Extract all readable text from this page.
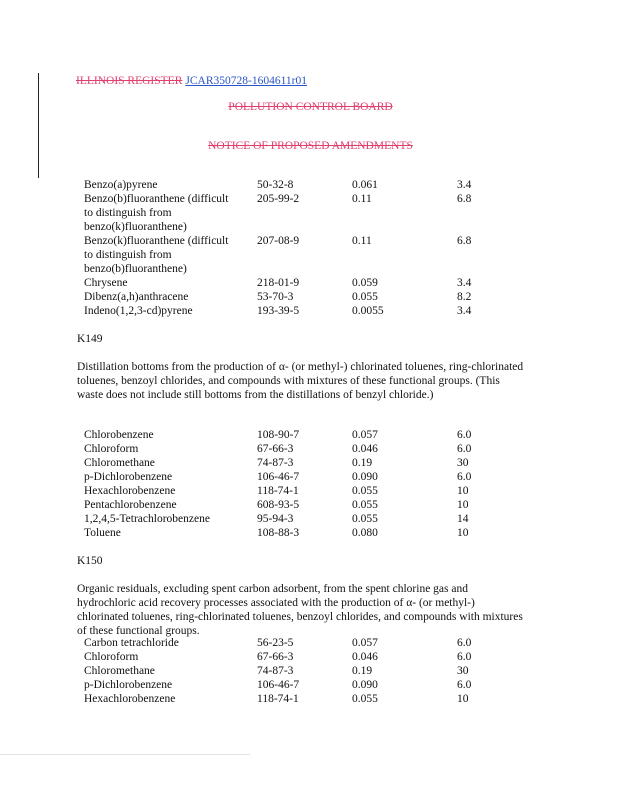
ILLINOIS REGISTER JCAR350728-1604611r01
POLLUTION CONTROL BOARD
NOTICE OF PROPOSED AMENDMENTS
Benzo(a)pyrene	50-32-8	0.061	3.4
Benzo(b)fluoranthene (difficult	205-99-2	0.11	6.8
to distinguish from
benzo(k)fluoranthene)
Benzo(k)fluoranthene (difficult	207-08-9	0.11	6.8
to distinguish from
benzo(b)fluoranthene)
Chrysene	218-01-9	0.059	3.4
Dibenz(a,h)anthracene	53-70-3	0.055	8.2
Indeno(1,2,3-cd)pyrene	193-39-5	0.0055	3.4
K149
Distillation bottoms from the production of α- (or methyl-) chlorinated toluenes, ring-chlorinated
toluenes, benzoyl chlorides, and compounds with mixtures of these functional groups. (This
waste does not include still bottoms from the distillations of benzyl chloride.)
Chlorobenzene	108-90-7	0.057	6.0
Chloroform	67-66-3	0.046	6.0
Chloromethane	74-87-3	0.19	30
p-Dichlorobenzene	106-46-7	0.090	6.0
Hexachlorobenzene	118-74-1	0.055	10
Pentachlorobenzene	608-93-5	0.055	10
1,2,4,5-Tetrachlorobenzene	95-94-3	0.055	14
Toluene	108-88-3	0.080	10
K150
Organic residuals, excluding spent carbon adsorbent, from the spent chlorine gas and
hydrochloric acid recovery processes associated with the production of α- (or methyl-)
chlorinated toluenes, ring-chlorinated toluenes, benzoyl chlorides, and compounds with mixtures
of these functional groups.
Carbon tetrachloride	56-23-5	0.057	6.0
Chloroform	67-66-3	0.046	6.0
Chloromethane	74-87-3	0.19	30
p-Dichlorobenzene	106-46-7	0.090	6.0
Hexachlorobenzene	118-74-1	0.055	10
